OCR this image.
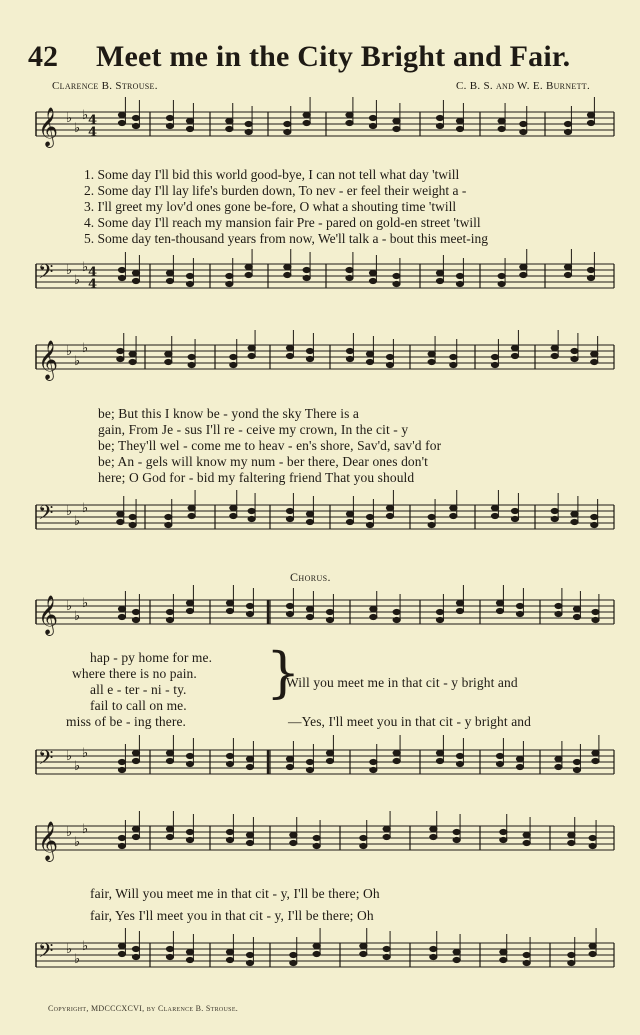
42 Meet me in the City Bright and Fair.
Clarence B. Strouse.	C. B. S. and W. E. Burnett.
𝄞 ♭
♭
♭ 4
4
𝄢 ♭
♭
♭ 4
4
𝄞 ♭
♭
♭
𝄢 ♭
♭
♭
𝄞 ♭
♭
♭
𝄢 ♭
♭
♭
𝄞 ♭
♭
♭
𝄢 ♭
♭
♭
1. Some day I'll bid this world good-bye, I can not tell what day 'twill
2. Some day I'll lay life's burden down, To nev - er feel their weight a -
3. I'll greet my lov'd ones gone be-fore, O what a shouting time 'twill
4. Some day I'll reach my mansion fair Pre - pared on gold-en street 'twill
5. Some day ten-thousand years from now, We'll talk a - bout this meet-ing
be; But this I know be - yond the sky There is a
gain, From Je - sus I'll re - ceive my crown, In the cit - y
be; They'll wel - come me to heav - en's shore, Sav'd, sav'd for
be; An - gels will know my num - ber there, Dear ones don't
here; O God for - bid my faltering friend That you should
Chorus.
hap - py home for me.
where there is no pain.
all e - ter - ni - ty.
fail to call on me.
miss of be - ing there.
}
Will you meet me in that cit - y bright and
—Yes, I'll meet you in that cit - y bright and
fair, Will you meet me in that cit - y, I'll be there; Oh
fair, Yes I'll meet you in that cit - y, I'll be there; Oh
Copyright, MDCCCXCVI, by Clarence B. Strouse.
